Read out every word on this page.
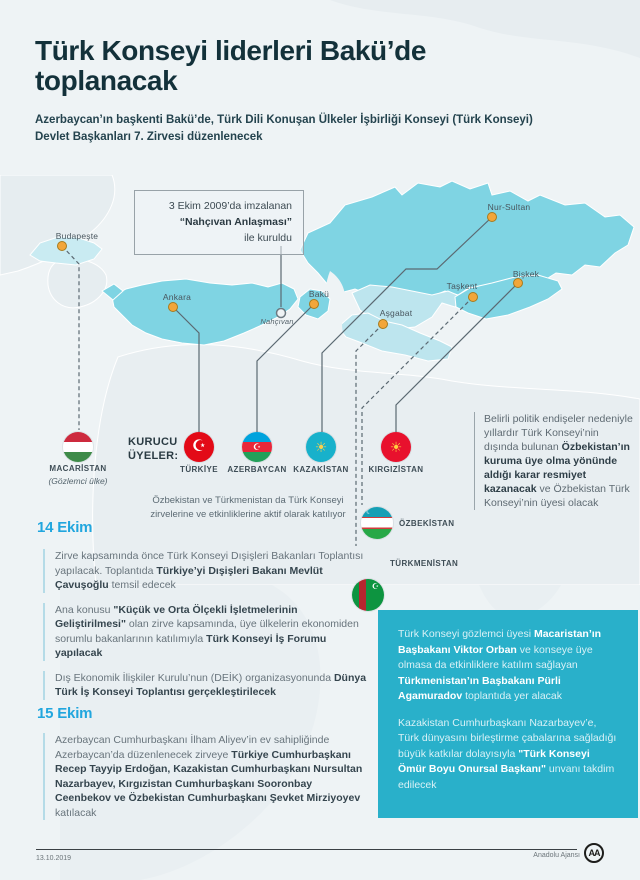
Türk Konseyi liderleri Bakü’de toplanacak
Azerbaycan’ın başkenti Bakü’de, Türk Dili Konuşan Ülkeler İşbirliği Konseyi (Türk Konseyi) Devlet Başkanları 7. Zirvesi düzenlenecek
3 Ekim 2009’da imzalanan
“Nahçıvan Anlaşması”
ile kuruldu
Budapeşte
Ankara	Bakü
Nahçıvan
Nur-Sultan
Taşkent
Bişkek
Aşgabat
MACARİSTAN
(Gözlemci ülke)
KURUCU ÜYELER:
☪
TÜRKİYE
☪
AZERBAYCAN
☀
KAZAKİSTAN
☀
KIRGIZİSTAN
☾
ÖZBEKİSTAN
☪
TÜRKMENİSTAN
Özbekistan ve Türkmenistan da Türk Konseyi zirvelerine ve etkinliklerine aktif olarak katılıyor
Belirli politik endişeler nedeniyle yıllardır Türk Konseyi’nin dışında bulunan Özbekistan’ın kuruma üye olma yönünde aldığı karar resmiyet kazanacak ve Özbekistan Türk Konseyi’nin üyesi olacak
14 Ekim

Zirve kapsamında önce Türk Konseyi Dışişleri Bakanları Toplantısı yapılacak. Toplantıda Türkiye’yi Dışişleri Bakanı Mevlüt Çavuşoğlu temsil edecek

Ana konusu "Küçük ve Orta Ölçekli İşletmelerinin Geliştirilmesi" olan zirve kapsamında, üye ülkelerin ekonomiden sorumlu bakanlarının katılımıyla Türk Konseyi İş Forumu yapılacak

Dış Ekonomik İlişkiler Kurulu’nun (DEİK) organizasyonunda Dünya Türk İş Konseyi Toplantısı gerçekleştirilecek

15 Ekim

Azerbaycan Cumhurbaşkanı İlham Aliyev’in ev sahipliğinde Azerbaycan’da düzenlenecek zirveye Türkiye Cumhurbaşkanı Recep Tayyip Erdoğan, Kazakistan Cumhurbaşkanı Nursultan Nazarbayev, Kırgızistan Cumhurbaşkanı Sooronbay Ceenbekov ve Özbekistan Cumhurbaşkanı Şevket Mirziyoyev katılacak

Türk Konseyi gözlemci üyesi Macaristan’ın Başbakanı Viktor Orban ve konseye üye olmasa da etkinliklere katılım sağlayan Türkmenistan’ın Başbakanı Pürli Agamuradov toplantıda yer alacak

Kazakistan Cumhurbaşkanı Nazarbayev’e, Türk dünyasını birleştirme çabalarına sağladığı büyük katkılar dolayısıyla "Türk Konseyi Ömür Boyu Onursal Başkanı" unvanı takdim edilecek

13.10.2019	Anadolu Ajansı AA
